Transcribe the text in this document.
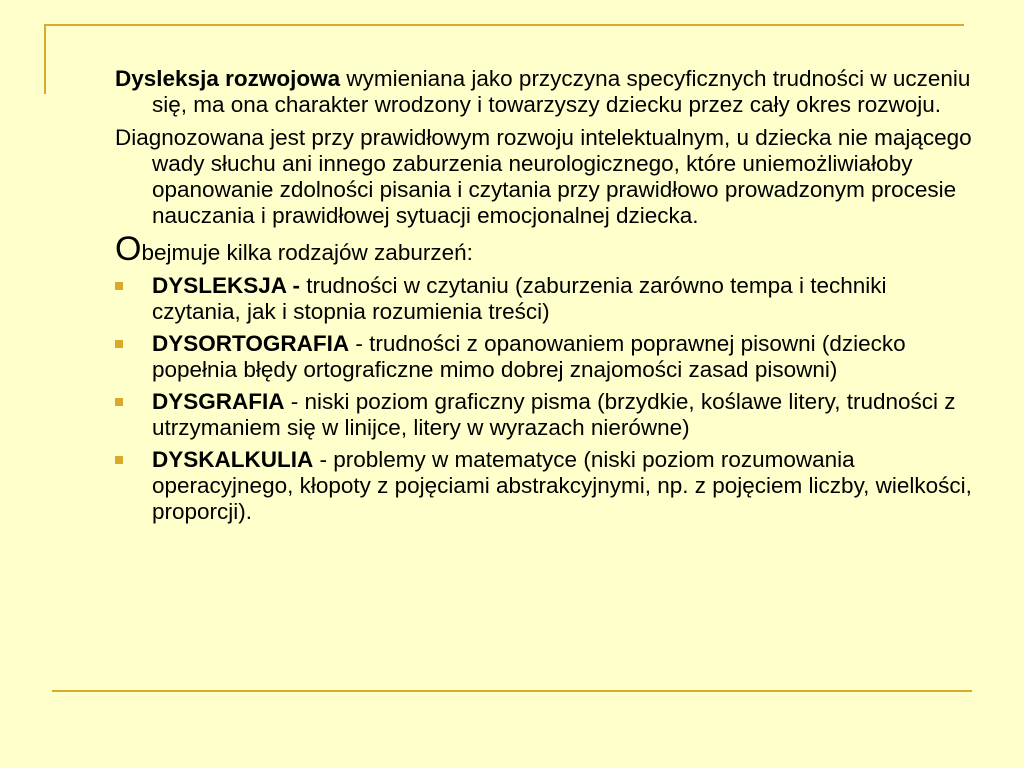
Dysleksja rozwojowa wymieniana jako przyczyna specyficznych trudności w uczeniu się, ma ona charakter wrodzony i towarzyszy dziecku przez cały okres rozwoju.

Diagnozowana jest przy prawidłowym rozwoju intelektualnym, u dziecka nie mającego wady słuchu ani innego zaburzenia neurologicznego, które uniemożliwiałoby opanowanie zdolności pisania i czytania przy prawidłowo prowadzonym procesie nauczania i prawidłowej sytuacji emocjonalnej dziecka.

Obejmuje kilka rodzajów zaburzeń:

DYSLEKSJA - trudności w czytaniu (zaburzenia zarówno tempa i techniki czytania, jak i stopnia rozumienia treści)
DYSORTOGRAFIA - trudności z opanowaniem poprawnej pisowni (dziecko popełnia błędy ortograficzne mimo dobrej znajomości zasad pisowni)
DYSGRAFIA - niski poziom graficzny pisma (brzydkie, koślawe litery, trudności z utrzymaniem się w linijce, litery w wyrazach nierówne)
DYSKALKULIA - problemy w matematyce (niski poziom rozumowania operacyjnego, kłopoty z pojęciami abstrakcyjnymi, np. z pojęciem liczby, wielkości, proporcji).
